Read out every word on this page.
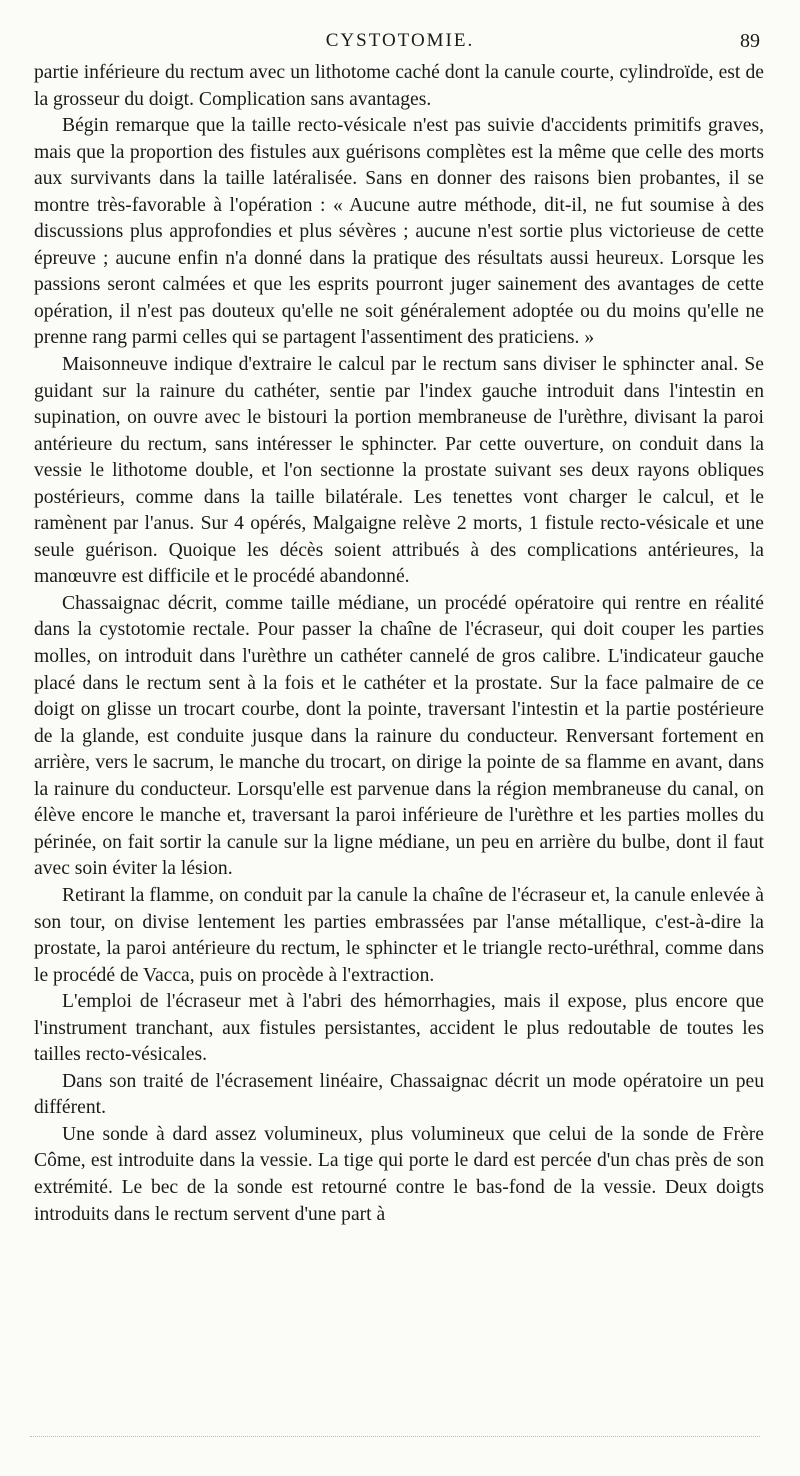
CYSTOTOMIE.	89

partie inférieure du rectum avec un lithotome caché dont la canule courte, cylindroïde, est de la grosseur du doigt. Complication sans avantages.

Bégin remarque que la taille recto-vésicale n'est pas suivie d'accidents primitifs graves, mais que la proportion des fistules aux guérisons complètes est la même que celle des morts aux survivants dans la taille latéralisée. Sans en donner des raisons bien probantes, il se montre très-favorable à l'opération : « Aucune autre méthode, dit-il, ne fut soumise à des discussions plus approfondies et plus sévères ; aucune n'est sortie plus victorieuse de cette épreuve ; aucune enfin n'a donné dans la pratique des résultats aussi heureux. Lorsque les passions seront calmées et que les esprits pourront juger sainement des avantages de cette opération, il n'est pas douteux qu'elle ne soit généralement adoptée ou du moins qu'elle ne prenne rang parmi celles qui se partagent l'assentiment des praticiens. »

Maisonneuve indique d'extraire le calcul par le rectum sans diviser le sphincter anal. Se guidant sur la rainure du cathéter, sentie par l'index gauche introduit dans l'intestin en supination, on ouvre avec le bistouri la portion membraneuse de l'urèthre, divisant la paroi antérieure du rectum, sans intéresser le sphincter. Par cette ouverture, on conduit dans la vessie le lithotome double, et l'on sectionne la prostate suivant ses deux rayons obliques postérieurs, comme dans la taille bilatérale. Les tenettes vont charger le calcul, et le ramènent par l'anus. Sur 4 opérés, Malgaigne relève 2 morts, 1 fistule recto-vésicale et une seule guérison. Quoique les décès soient attribués à des complications antérieures, la manœuvre est difficile et le procédé abandonné.

Chassaignac décrit, comme taille médiane, un procédé opératoire qui rentre en réalité dans la cystotomie rectale. Pour passer la chaîne de l'écraseur, qui doit couper les parties molles, on introduit dans l'urèthre un cathéter cannelé de gros calibre. L'indicateur gauche placé dans le rectum sent à la fois et le cathéter et la prostate. Sur la face palmaire de ce doigt on glisse un trocart courbe, dont la pointe, traversant l'intestin et la partie postérieure de la glande, est conduite jusque dans la rainure du conducteur. Renversant fortement en arrière, vers le sacrum, le manche du trocart, on dirige la pointe de sa flamme en avant, dans la rainure du conducteur. Lorsqu'elle est parvenue dans la région membraneuse du canal, on élève encore le manche et, traversant la paroi inférieure de l'urèthre et les parties molles du périnée, on fait sortir la canule sur la ligne médiane, un peu en arrière du bulbe, dont il faut avec soin éviter la lésion.

Retirant la flamme, on conduit par la canule la chaîne de l'écraseur et, la canule enlevée à son tour, on divise lentement les parties embrassées par l'anse métallique, c'est-à-dire la prostate, la paroi antérieure du rectum, le sphincter et le triangle recto-uréthral, comme dans le procédé de Vacca, puis on procède à l'extraction.

L'emploi de l'écraseur met à l'abri des hémorrhagies, mais il expose, plus encore que l'instrument tranchant, aux fistules persistantes, accident le plus redoutable de toutes les tailles recto-vésicales.

Dans son traité de l'écrasement linéaire, Chassaignac décrit un mode opératoire un peu différent.

Une sonde à dard assez volumineux, plus volumineux que celui de la sonde de Frère Côme, est introduite dans la vessie. La tige qui porte le dard est percée d'un chas près de son extrémité. Le bec de la sonde est retourné contre le bas-fond de la vessie. Deux doigts introduits dans le rectum servent d'une part à
